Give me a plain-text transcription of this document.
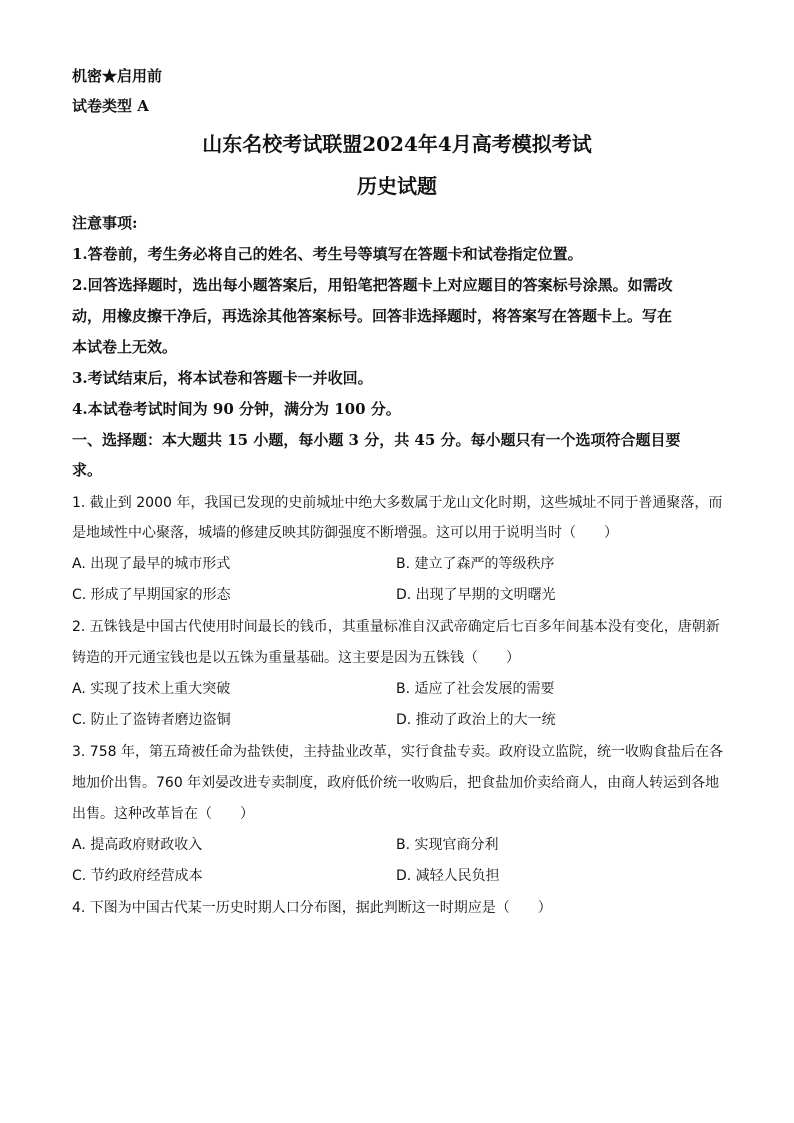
机密★启用前
试卷类型 A
山东名校考试联盟2024年4月高考模拟考试
历史试题
注意事项:
1.答卷前，考生务必将自己的姓名、考生号等填写在答题卡和试卷指定位置。
2.回答选择题时，选出每小题答案后，用铅笔把答题卡上对应题目的答案标号涂黑。如需改
动，用橡皮擦干净后，再选涂其他答案标号。回答非选择题时，将答案写在答题卡上。写在
本试卷上无效。
3.考试结束后，将本试卷和答题卡一并收回。
4.本试卷考试时间为 90 分钟，满分为 100 分。
一、选择题：本大题共 15 小题，每小题 3 分，共 45 分。每小题只有一个选项符合题目要
求。
1. 截止到 2000 年，我国已发现的史前城址中绝大多数属于龙山文化时期，这些城址不同于普通聚落，而
是地域性中心聚落，城墙的修建反映其防御强度不断增强。这可以用于说明当时（　　）
A. 出现了最早的城市形式	B. 建立了森严的等级秩序
C. 形成了早期国家的形态	D. 出现了早期的文明曙光
2. 五铢钱是中国古代使用时间最长的钱币，其重量标准自汉武帝确定后七百多年间基本没有变化，唐朝新
铸造的开元通宝钱也是以五铢为重量基础。这主要是因为五铢钱（　　）
A. 实现了技术上重大突破	B. 适应了社会发展的需要
C. 防止了盗铸者磨边盗铜	D. 推动了政治上的大一统
3. 758 年，第五琦被任命为盐铁使，主持盐业改革，实行食盐专卖。政府设立监院，统一收购食盐后在各
地加价出售。760 年刘晏改进专卖制度，政府低价统一收购后，把食盐加价卖给商人，由商人转运到各地
出售。这种改革旨在（　　）
A. 提高政府财政收入	B. 实现官商分利
C. 节约政府经营成本	D. 减轻人民负担
4. 下图为中国古代某一历史时期人口分布图，据此判断这一时期应是（　　）
